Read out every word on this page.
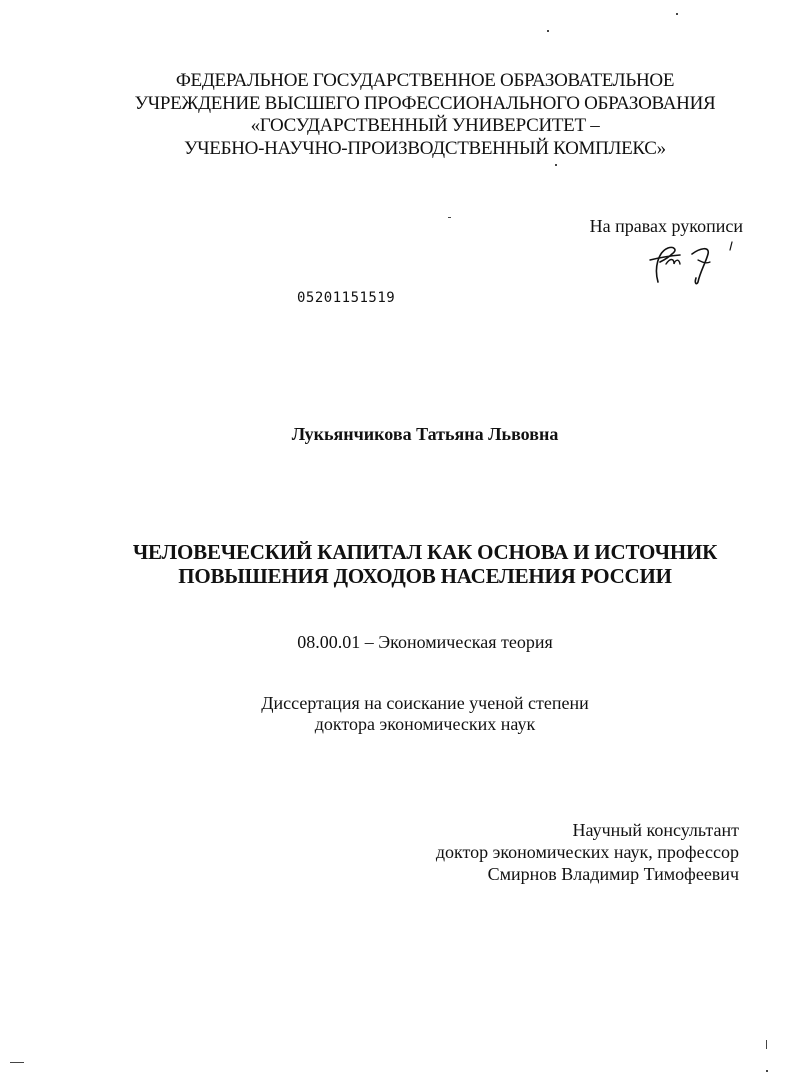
ФЕДЕРАЛЬНОЕ ГОСУДАРСТВЕННОЕ ОБРАЗОВАТЕЛЬНОЕ
УЧРЕЖДЕНИЕ ВЫСШЕГО ПРОФЕССИОНАЛЬНОГО ОБРАЗОВАНИЯ
«ГОСУДАРСТВЕННЫЙ УНИВЕРСИТЕТ –
УЧЕБНО-НАУЧНО-ПРОИЗВОДСТВЕННЫЙ КОМПЛЕКС»
На правах рукописи
05201151519
Лукьянчикова Татьяна Львовна
ЧЕЛОВЕЧЕСКИЙ КАПИТАЛ КАК ОСНОВА И ИСТОЧНИК
ПОВЫШЕНИЯ ДОХОДОВ НАСЕЛЕНИЯ РОССИИ
08.00.01 – Экономическая теория
Диссертация на соискание ученой степени
доктора экономических наук
Научный консультант
доктор экономических наук, профессор
Смирнов Владимир Тимофеевич
